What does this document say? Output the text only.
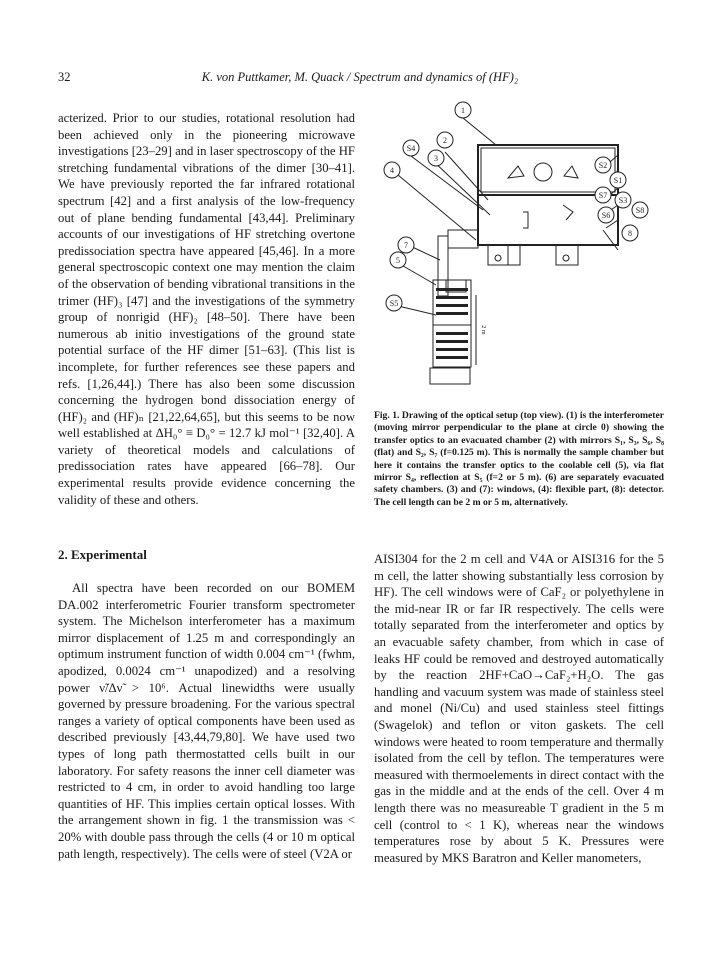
32	K. von Puttkamer, M. Quack / Spectrum and dynamics of (HF)₂

acterized. Prior to our studies, rotational resolution had been achieved only in the pioneering microwave investigations [23–29] and in laser spectroscopy of the HF stretching fundamental vibrations of the dimer [30–41]. We have previously reported the far infrared rotational spectrum [42] and a first analysis of the low-frequency out of plane bending fundamental [43,44]. Preliminary accounts of our investigations of HF stretching overtone predissociation spectra have appeared [45,46]. In a more general spectroscopic context one may mention the claim of the observation of bending vibrational transitions in the trimer (HF)₃ [47] and the investigations of the symmetry group of nonrigid (HF)₂ [48–50]. There have been numerous ab initio investigations of the ground state potential surface of the HF dimer [51–63]. (This list is incomplete, for further references see these papers and refs. [1,26,44].) There has also been some discussion concerning the hydrogen bond dissociation energy of (HF)₂ and (HF)ₙ [21,22,64,65], but this seems to be now well established at ΔH₀° ≡ D₀° = 12.7 kJ mol⁻¹ [32,40]. A variety of theoretical models and calculations of predissociation rates have appeared [66–78]. Our experimental results provide evidence concerning the validity of these and others.

2. Experimental

All spectra have been recorded on our BOMEM DA.002 interferometric Fourier transform spectrometer system. The Michelson interferometer has a maximum mirror displacement of 1.25 m and correspondingly an optimum instrument function of width 0.004 cm⁻¹ (fwhm, apodized, 0.0024 cm⁻¹ unapodized) and a resolving power ν̃/Δν̃ > 10⁶. Actual linewidths were usually governed by pressure broadening. For the various spectral ranges a variety of optical components have been used as described previously [43,44,79,80]. We have used two types of long path thermostatted cells built in our laboratory. For safety reasons the inner cell diameter was restricted to 4 cm, in order to avoid handling too large quantities of HF. This implies certain optical losses. With the arrangement shown in fig. 1 the transmission was < 20% with double pass through the cells (4 or 10 m optical path length, respectively). The cells were of steel (V2A or

1
S4
2
3
4
S2
S1
S7
S3
S6
S8
8
7
5
S5
2 m

Fig. 1. Drawing of the optical setup (top view). (1) is the interferometer (moving mirror perpendicular to the plane at circle 0) showing the transfer optics to an evacuated chamber (2) with mirrors S₁, S₃, S₆, S₈ (flat) and S₂, S₇ (f=0.125 m). This is normally the sample chamber but here it contains the transfer optics to the coolable cell (5), via flat mirror S₄, reflection at S₅ (f=2 or 5 m). (6) are separately evacuated safety chambers. (3) and (7): windows, (4): flexible part, (8): detector. The cell length can be 2 m or 5 m, alternatively.

AISI304 for the 2 m cell and V4A or AISI316 for the 5 m cell, the latter showing substantially less corrosion by HF). The cell windows were of CaF₂ or polyethylene in the mid-near IR or far IR respectively. The cells were totally separated from the interferometer and optics by an evacuable safety chamber, from which in case of leaks HF could be removed and destroyed automatically by the reaction 2HF+CaO→CaF₂+H₂O. The gas handling and vacuum system was made of stainless steel and monel (Ni/Cu) and used stainless steel fittings (Swagelok) and teflon or viton gaskets. The cell windows were heated to room temperature and thermally isolated from the cell by teflon. The temperatures were measured with thermoelements in direct contact with the gas in the middle and at the ends of the cell. Over 4 m length there was no measureable T gradient in the 5 m cell (control to < 1 K), whereas near the windows temperatures rose by about 5 K. Pressures were measured by MKS Baratron and Keller manometers,
